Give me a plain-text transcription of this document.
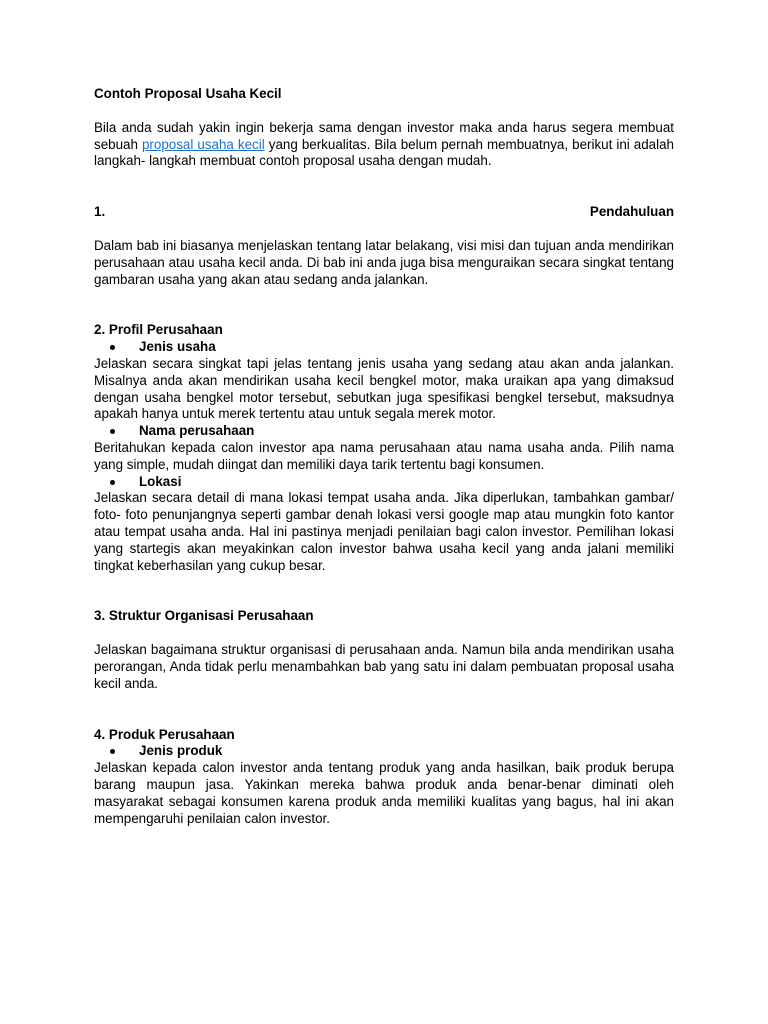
Contoh Proposal Usaha Kecil

Bila anda sudah yakin ingin bekerja sama dengan investor maka anda harus segera membuat sebuah proposal usaha kecil yang berkualitas. Bila belum pernah membuatnya, berikut ini adalah langkah- langkah membuat contoh proposal usaha dengan mudah.

1.	Pendahuluan

Dalam bab ini biasanya menjelaskan tentang latar belakang, visi misi dan tujuan anda mendirikan perusahaan atau usaha kecil anda. Di bab ini anda juga bisa menguraikan secara singkat tentang gambaran usaha yang akan atau sedang anda jalankan.

2. Profil Perusahaan

Jenis usaha

Jelaskan secara singkat tapi jelas tentang jenis usaha yang sedang atau akan anda jalankan. Misalnya anda akan mendirikan usaha kecil bengkel motor, maka uraikan apa yang dimaksud dengan usaha bengkel motor tersebut, sebutkan juga spesifikasi bengkel tersebut, maksudnya apakah hanya untuk merek tertentu atau untuk segala merek motor.

Nama perusahaan

Beritahukan kepada calon investor apa nama perusahaan atau nama usaha anda. Pilih nama yang simple, mudah diingat dan memiliki daya tarik tertentu bagi konsumen.

Lokasi

Jelaskan secara detail di mana lokasi tempat usaha anda. Jika diperlukan, tambahkan gambar/ foto- foto penunjangnya seperti gambar denah lokasi versi google map atau mungkin foto kantor atau tempat usaha anda. Hal ini pastinya menjadi penilaian bagi calon investor. Pemilihan lokasi yang startegis akan meyakinkan calon investor bahwa usaha kecil yang anda jalani memiliki tingkat keberhasilan yang cukup besar.

3. Struktur Organisasi Perusahaan

Jelaskan bagaimana struktur organisasi di perusahaan anda. Namun bila anda mendirikan usaha perorangan, Anda tidak perlu menambahkan bab yang satu ini dalam pembuatan proposal usaha kecil anda.

4. Produk Perusahaan

Jenis produk

Jelaskan kepada calon investor anda tentang produk yang anda hasilkan, baik produk berupa barang maupun jasa. Yakinkan mereka bahwa produk anda benar-benar diminati oleh masyarakat sebagai konsumen karena produk anda memiliki kualitas yang bagus, hal ini akan mempengaruhi penilaian calon investor.
